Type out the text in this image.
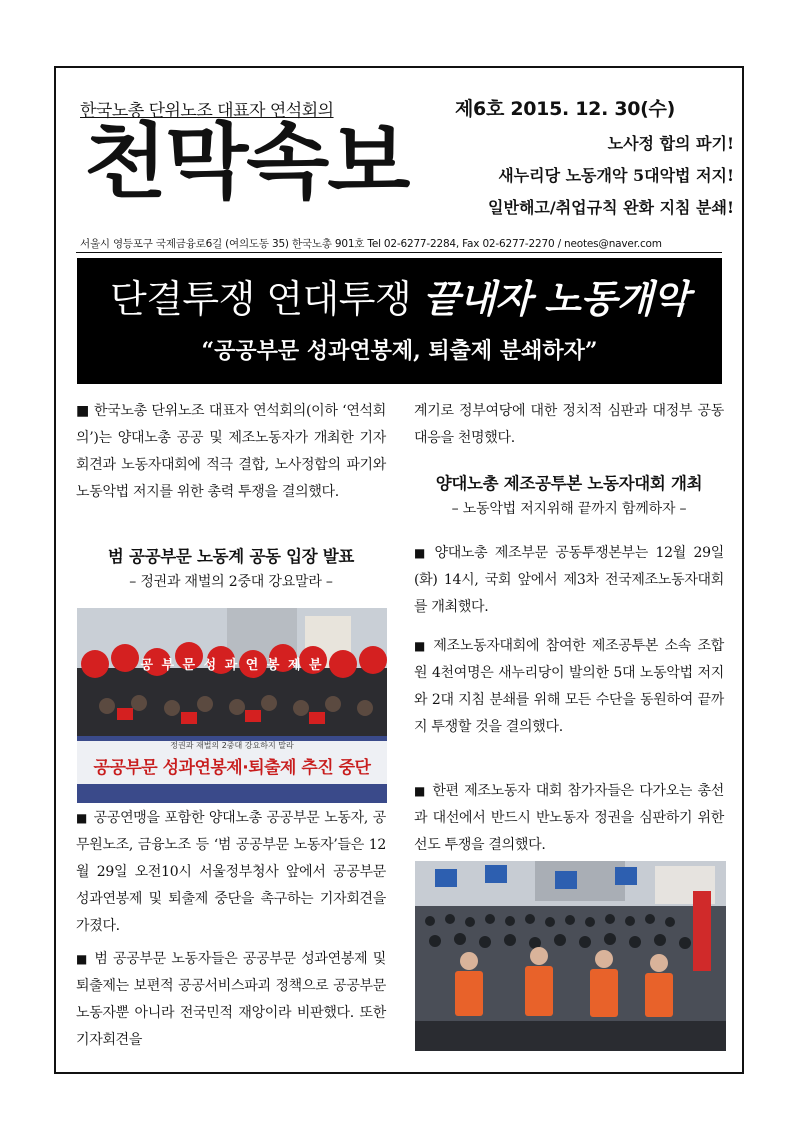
한국노총 단위노조 대표자 연석회의	제6호 2015. 12. 30(수)
천막속보	노사정 합의 파기!
새누리당 노동개악 5대악법 저지!
일반해고/취업규칙 완화 지침 분쇄!
서울시 영등포구 국제금융로6길 (여의도동 35) 한국노총 901호 Tel 02-6277-2284, Fax 02-6277-2270 / neotes@naver.com
단결투쟁 연대투쟁 끝내자 노동개악
“공공부문 성과연봉제, 퇴출제 분쇄하자”
■ 한국노총 단위노조 대표자 연석회의(이하 ‘연석회의’)는 양대노총 공공 및 제조노동자가 개최한 기자회견과 노동자대회에 적극 결합, 노사정합의 파기와 노동악법 저지를 위한 총력 투쟁을 결의했다.
범 공공부문 노동계 공동 입장 발표
– 정권과 재벌의 2중대 강요말라 –
공 부 문 성 과 연 봉 제 분
정권과 재벌의 2중대 강요하지 말라
공공부문 성과연봉제·퇴출제 추진 중단
■ 공공연맹을 포함한 양대노총 공공부문 노동자, 공무원노조, 금융노조 등 ‘범 공공부문 노동자’들은 12월 29일 오전10시 서울정부청사 앞에서 공공부문 성과연봉제 및 퇴출제 중단을 촉구하는 기자회견을 가졌다.
■ 범 공공부문 노동자들은 공공부문 성과연봉제 및 퇴출제는 보편적 공공서비스파괴 정책으로 공공부문 노동자뿐 아니라 전국민적 재앙이라 비판했다. 또한 기자회견을
계기로 정부여당에 대한 정치적 심판과 대정부 공동대응을 천명했다.
양대노총 제조공투본 노동자대회 개최
– 노동악법 저지위해 끝까지 함께하자 –
■ 양대노총 제조부문 공동투쟁본부는 12월 29일(화) 14시, 국회 앞에서 제3차 전국제조노동자대회를 개최했다.
■ 제조노동자대회에 참여한 제조공투본 소속 조합원 4천여명은 새누리당이 발의한 5대 노동악법 저지와 2대 지침 분쇄를 위해 모든 수단을 동원하여 끝까지 투쟁할 것을 결의했다.
■ 한편 제조노동자 대회 참가자들은 다가오는 총선과 대선에서 반드시 반노동자 정권을 심판하기 위한 선도 투쟁을 결의했다.
